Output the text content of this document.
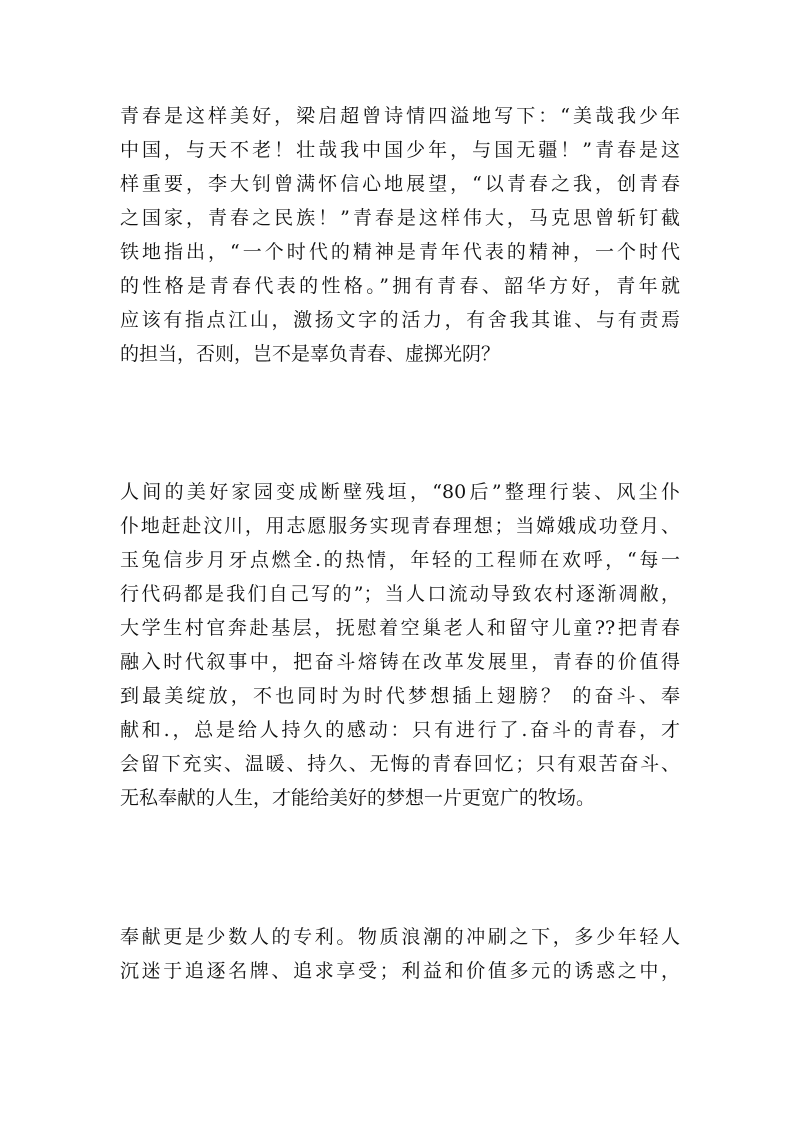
青春是这样美好，梁启超曾诗情四溢地写下：“美哉我少年
中国，与天不老！壮哉我中国少年，与国无疆！”青春是这
样重要，李大钊曾满怀信心地展望，“以青春之我，创青春
之国家，青春之民族！”青春是这样伟大，马克思曾斩钉截
铁地指出，“一个时代的精神是青年代表的精神，一个时代
的性格是青春代表的性格。”拥有青春、韶华方好，青年就
应该有指点江山，激扬文字的活力，有舍我其谁、与有责焉
的担当，否则，岂不是辜负青春、虚掷光阴？
人间的美好家园变成断壁残垣，“80后”整理行装、风尘仆
仆地赶赴汶川，用志愿服务实现青春理想；当嫦娥成功登月、
玉兔信步月牙点燃全.的热情，年轻的工程师在欢呼，“每一
行代码都是我们自己写的”；当人口流动导致农村逐渐凋敝，
大学生村官奔赴基层，抚慰着空巢老人和留守儿童??把青春
融入时代叙事中，把奋斗熔铸在改革发展里，青春的价值得
到最美绽放，不也同时为时代梦想插上翅膀？ 的奋斗、奉
献和.，总是给人持久的感动：只有进行了.奋斗的青春，才
会留下充实、温暖、持久、无悔的青春回忆；只有艰苦奋斗、
无私奉献的人生，才能给美好的梦想一片更宽广的牧场。
奉献更是少数人的专利。物质浪潮的冲刷之下，多少年轻人
沉迷于追逐名牌、追求享受；利益和价值多元的诱惑之中，
